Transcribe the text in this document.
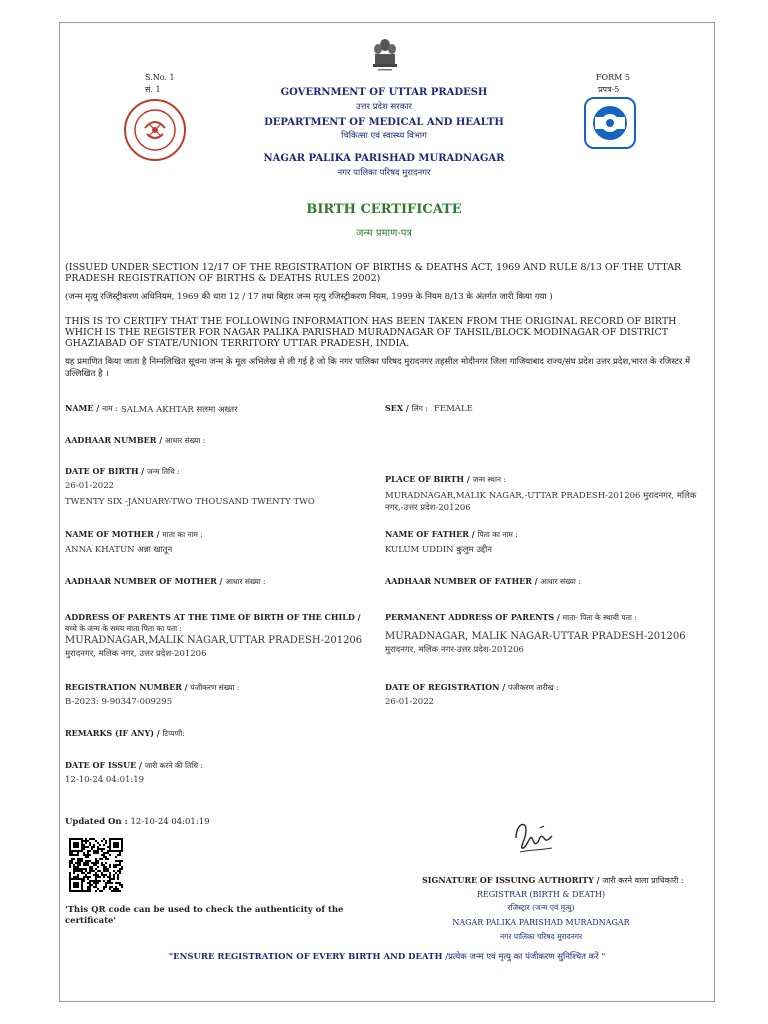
S.No. 1
सं. 1
FORM 5
प्रपत्र-5
GOVERNMENT OF UTTAR PRADESH
उत्तर प्रदेश सरकार
DEPARTMENT OF MEDICAL AND HEALTH
चिकित्सा एवं स्वास्थ्य विभाग
NAGAR PALIKA PARISHAD MURADNAGAR
नगर पालिका परिषद मुरादनगर
BIRTH CERTIFICATE
जन्म प्रमाण-पत्र
(ISSUED UNDER SECTION 12/17 OF THE REGISTRATION OF BIRTHS & DEATHS ACT, 1969 AND RULE 8/13 OF THE UTTAR PRADESH REGISTRATION OF BIRTHS & DEATHS RULES 2002)
(जन्म मृत्यु रजिस्ट्रीकरण अधिनियम, 1969 की धारा 12 / 17 तथा बिहार जन्म मृत्यु रजिस्ट्रीकरण नियम, 1999 के नियम 8/13 के अंतर्गत जारी किया गया )
THIS IS TO CERTIFY THAT THE FOLLOWING INFORMATION HAS BEEN TAKEN FROM THE ORIGINAL RECORD OF BIRTH WHICH IS THE REGISTER FOR NAGAR PALIKA PARISHAD MURADNAGAR OF TAHSIL/BLOCK MODINAGAR OF DISTRICT GHAZIABAD OF STATE/UNION TERRITORY UTTAR PRADESH, INDIA.
यह प्रमाणित किया जाता है निम्नलिखित सूचना जन्म के मूल अभिलेख से ली गई है जो कि नगर पालिका परिषद मुरादनगर तहसील मोदीनगर जिला गाजियाबाद राज्य/संघ प्रदेश उत्तर प्रदेश,भारत के रजिस्टर में उल्लिखित है ।
NAME / नाम : SALMA AKHTAR सलमा अख्तर	SEX / लिंग : FEMALE
AADHAAR NUMBER / आधार संख्या :
DATE OF BIRTH / जन्म तिथि :
26-01-2022
TWENTY SIX -JANUARY-TWO THOUSAND TWENTY TWO
PLACE OF BIRTH / जन्म स्थान :
MURADNAGAR,MALIK NAGAR,-UTTAR PRADESH-201206 मुरादनगर, मलिक
नगर,-उत्तर प्रदेश-201206
NAME OF MOTHER / माता का नाम :
ANNA KHATUN अन्ना खातून
NAME OF FATHER / पिता का नाम :
KULUM UDDIN कुलुम उद्दीन
AADHAAR NUMBER OF MOTHER / आधार संख्या :	AADHAAR NUMBER OF FATHER / आधार संख्या :
ADDRESS OF PARENTS AT THE TIME OF BIRTH OF THE CHILD /
बच्चे के जन्म के समय माता पिता का पता :
MURADNAGAR,MALIK NAGAR,UTTAR PRADESH-201206
मुरादनगर, मलिक नगर, उत्तर प्रदेश-201206
PERMANENT ADDRESS OF PARENTS / माता- पिता के स्थायी पता :
MURADNAGAR, MALIK NAGAR-UTTAR PRADESH-201206
मुरादनगर, मलिक नगर-उत्तर प्रदेश-201206
REGISTRATION NUMBER / पंजीकरण संख्या :
B-2023: 9-90347-009295
DATE OF REGISTRATION / पंजीकरण तारीख :
26-01-2022
REMARKS (IF ANY) / टिप्पणी:
DATE OF ISSUE / जारी करने की तिथि :
12-10-24 04:01:19
Updated On : 12-10-24 04:01:19
'This QR code can be used to check the authenticity of the certificate'
SIGNATURE OF ISSUING AUTHORITY / जारी करने वाला प्राधिकारी :
REGISTRAR (BIRTH & DEATH)
रजिस्ट्रार (जन्म एवं मृत्यु)
NAGAR PALIKA PARISHAD MURADNAGAR
नगर पालिका परिषद मुरादनगर
"ENSURE REGISTRATION OF EVERY BIRTH AND DEATH /प्रत्येक जन्म एवं मृत्यु का पंजीकरण सुनिश्चित करें "
